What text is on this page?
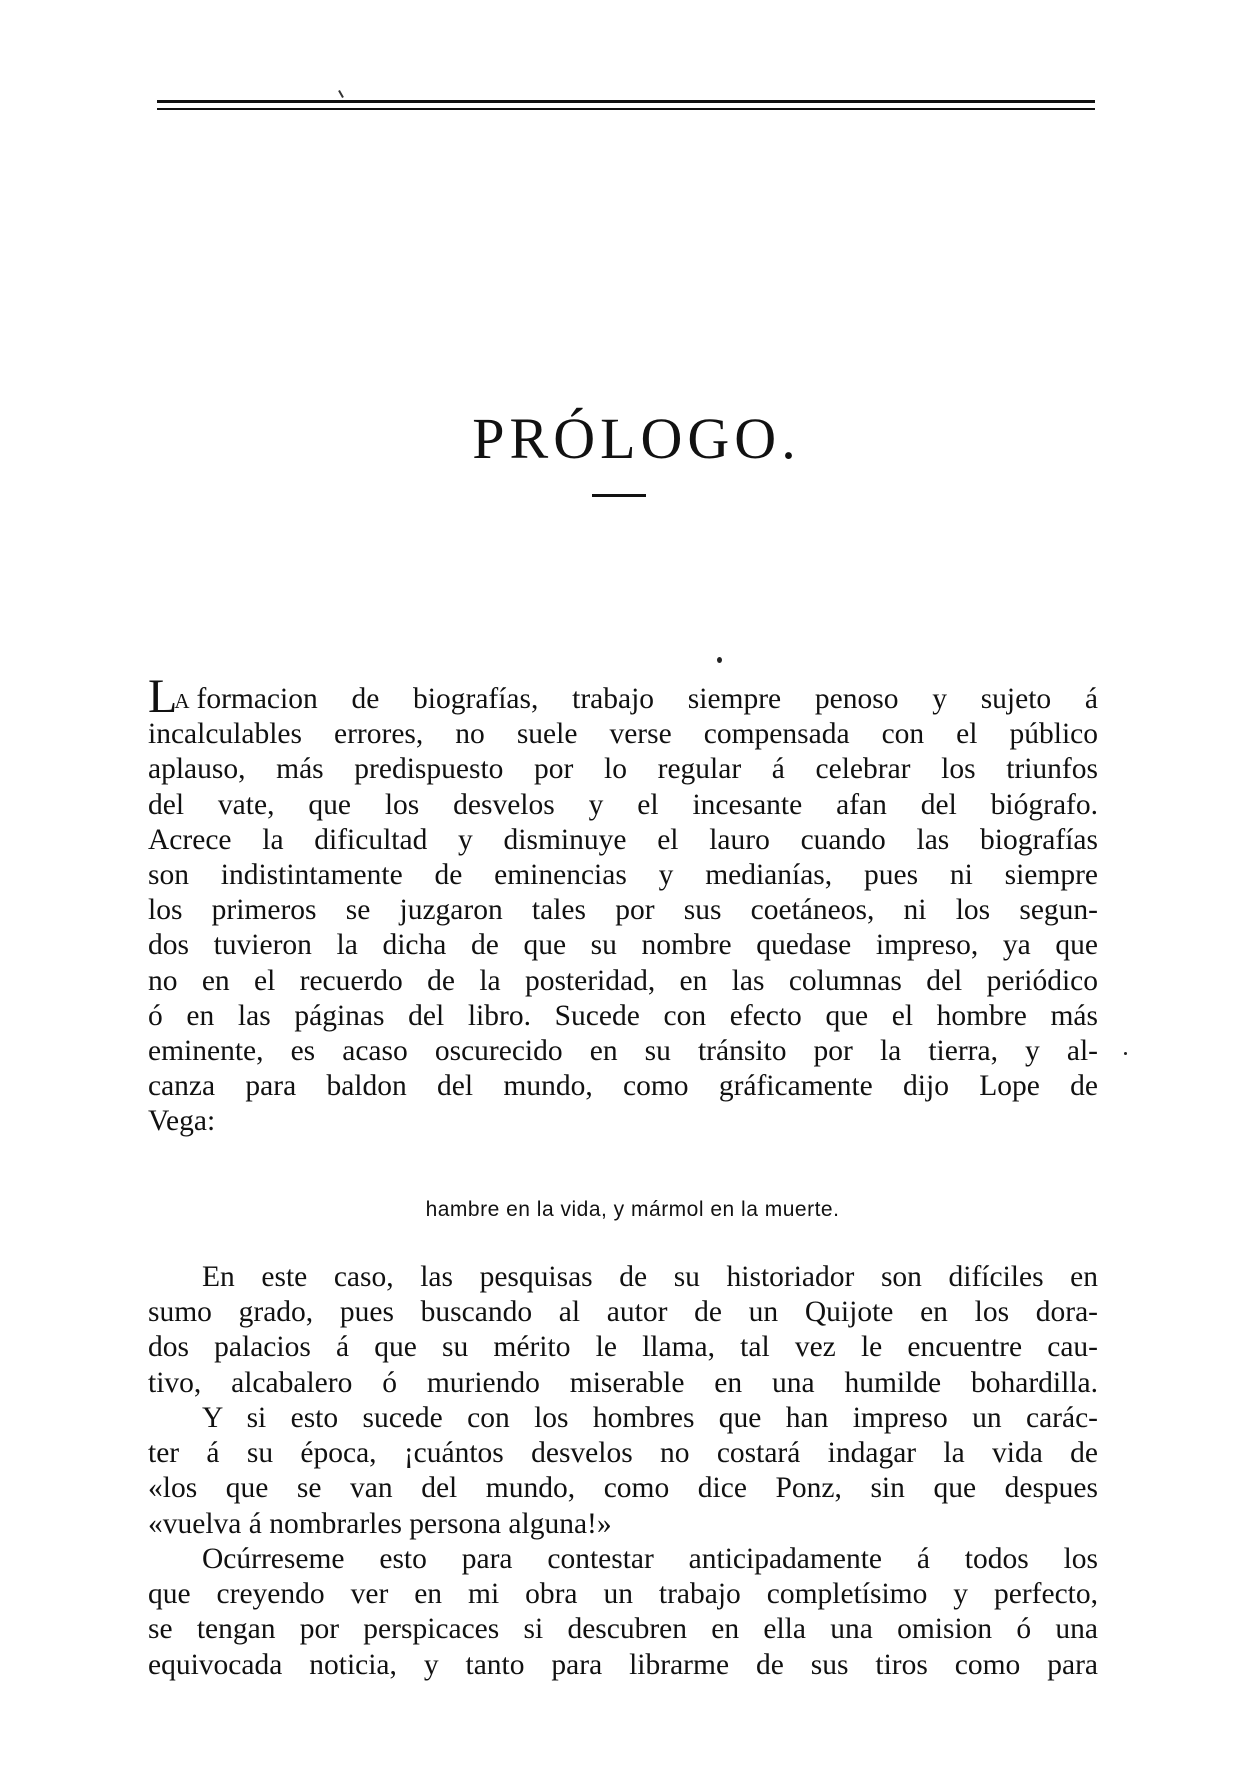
PRÓLOGO.
LA formacion de biografías, trabajo siempre penoso y sujeto á
incalculables errores, no suele verse compensada con el público
aplauso, más predispuesto por lo regular á celebrar los triunfos
del vate, que los desvelos y el incesante afan del biógrafo.
Acrece la dificultad y disminuye el lauro cuando las biografías
son indistintamente de eminencias y medianías, pues ni siempre
los primeros se juzgaron tales por sus coetáneos, ni los segun-
dos tuvieron la dicha de que su nombre quedase impreso, ya que
no en el recuerdo de la posteridad, en las columnas del periódico
ó en las páginas del libro. Sucede con efecto que el hombre más
eminente, es acaso oscurecido en su tránsito por la tierra, y al-
canza para baldon del mundo, como gráficamente dijo Lope de
Vega:
hambre en la vida, y mármol en la muerte.
En este caso, las pesquisas de su historiador son difíciles en
sumo grado, pues buscando al autor de un Quijote en los dora-
dos palacios á que su mérito le llama, tal vez le encuentre cau-
tivo, alcabalero ó muriendo miserable en una humilde bohardilla.
Y si esto sucede con los hombres que han impreso un carác-
ter á su época, ¡cuántos desvelos no costará indagar la vida de
«los que se van del mundo, como dice Ponz, sin que despues
«vuelva á nombrarles persona alguna!»
Ocúrreseme esto para contestar anticipadamente á todos los
que creyendo ver en mi obra un trabajo completísimo y perfecto,
se tengan por perspicaces si descubren en ella una omision ó una
equivocada noticia, y tanto para librarme de sus tiros como para
